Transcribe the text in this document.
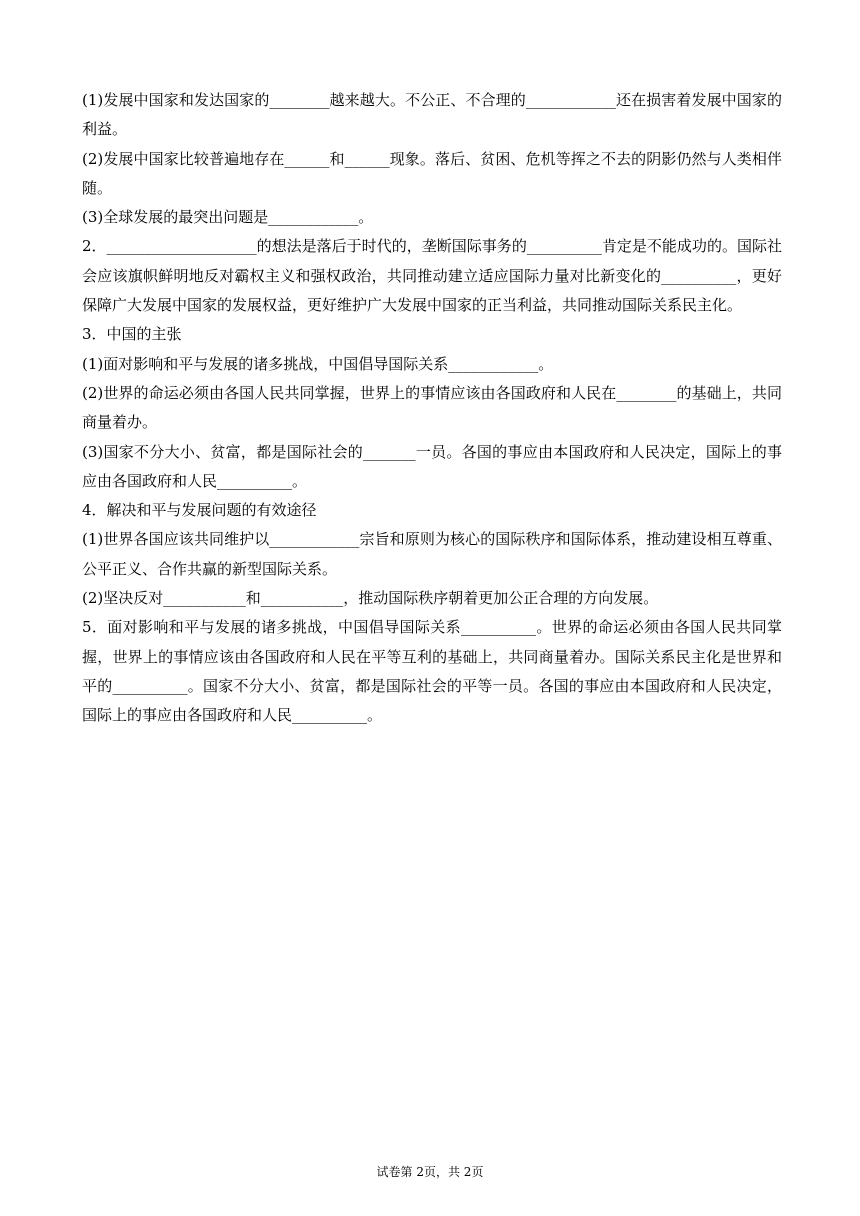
(1)发展中国家和发达国家的________越来越大。不公正、不合理的____________还在损害着发展中国家的利益。

(2)发展中国家比较普遍地存在______和______现象。落后、贫困、危机等挥之不去的阴影仍然与人类相伴随。

(3)全球发展的最突出问题是____________。

2．____________________的想法是落后于时代的，垄断国际事务的__________肯定是不能成功的。国际社会应该旗帜鲜明地反对霸权主义和强权政治，共同推动建立适应国际力量对比新变化的__________，更好保障广大发展中国家的发展权益，更好维护广大发展中国家的正当利益，共同推动国际关系民主化。

3．中国的主张

(1)面对影响和平与发展的诸多挑战，中国倡导国际关系____________。

(2)世界的命运必须由各国人民共同掌握，世界上的事情应该由各国政府和人民在________的基础上，共同商量着办。

(3)国家不分大小、贫富，都是国际社会的_______一员。各国的事应由本国政府和人民决定，国际上的事应由各国政府和人民__________。

4．解决和平与发展问题的有效途径

(1)世界各国应该共同维护以____________宗旨和原则为核心的国际秩序和国际体系，推动建设相互尊重、公平正义、合作共赢的新型国际关系。

(2)坚决反对___________和___________，推动国际秩序朝着更加公正合理的方向发展。

5．面对影响和平与发展的诸多挑战，中国倡导国际关系__________。世界的命运必须由各国人民共同掌握，世界上的事情应该由各国政府和人民在平等互利的基础上，共同商量着办。国际关系民主化是世界和平的__________。国家不分大小、贫富，都是国际社会的平等一员。各国的事应由本国政府和人民决定，国际上的事应由各国政府和人民__________。

试卷第 2页，共 2页
